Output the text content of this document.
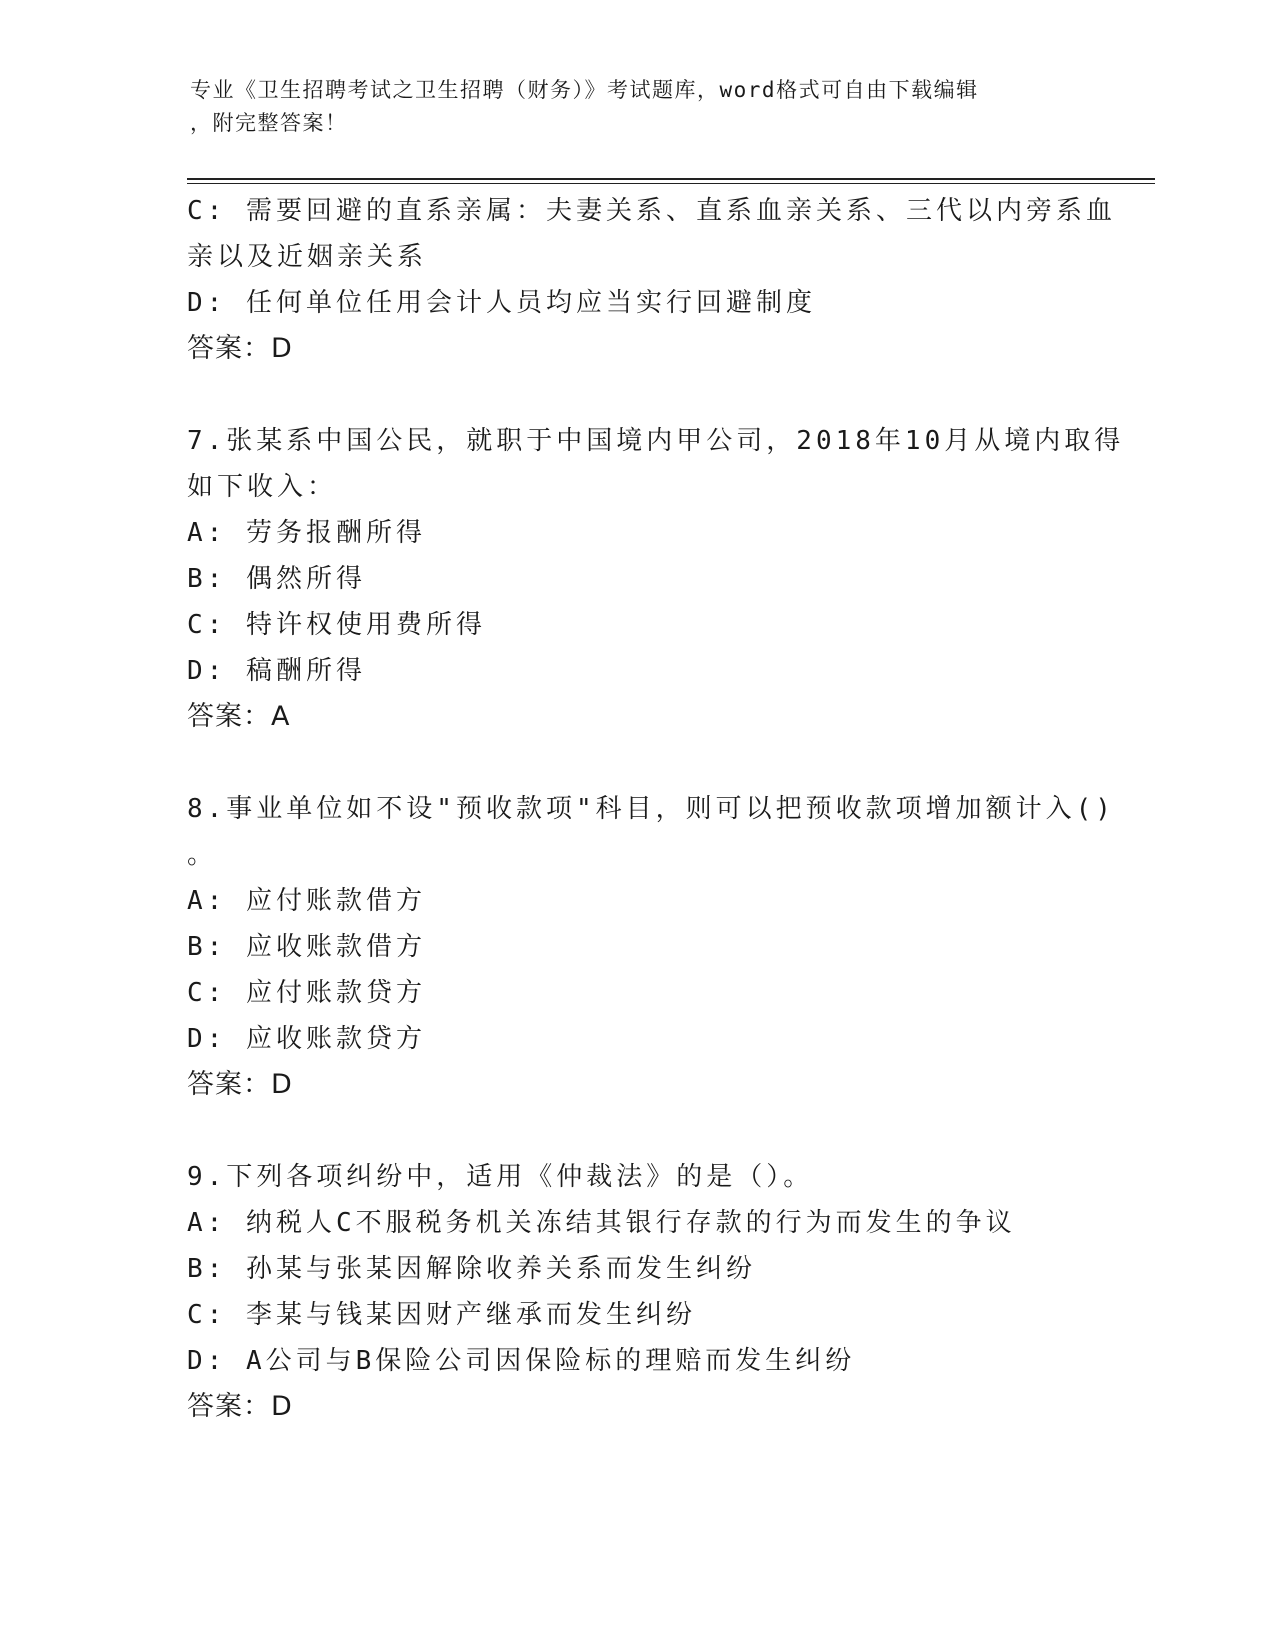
专业《卫生招聘考试之卫生招聘（财务）》考试题库，word格式可自由下载编辑
，附完整答案！
C: 需要回避的直系亲属：夫妻关系、直系血亲关系、三代以内旁系血
亲以及近姻亲关系
D: 任何单位任用会计人员均应当实行回避制度
答案：D
7.张某系中国公民，就职于中国境内甲公司，2018年10月从境内取得
如下收入：
A: 劳务报酬所得
B: 偶然所得
C: 特许权使用费所得
D: 稿酬所得
答案：A
8.事业单位如不设"预收款项"科目，则可以把预收款项增加额计入()
。
A: 应付账款借方
B: 应收账款借方
C: 应付账款贷方
D: 应收账款贷方
答案：D
9.下列各项纠纷中，适用《仲裁法》的是（）。
A: 纳税人C不服税务机关冻结其银行存款的行为而发生的争议
B: 孙某与张某因解除收养关系而发生纠纷
C: 李某与钱某因财产继承而发生纠纷
D: A公司与B保险公司因保险标的理赔而发生纠纷
答案：D
